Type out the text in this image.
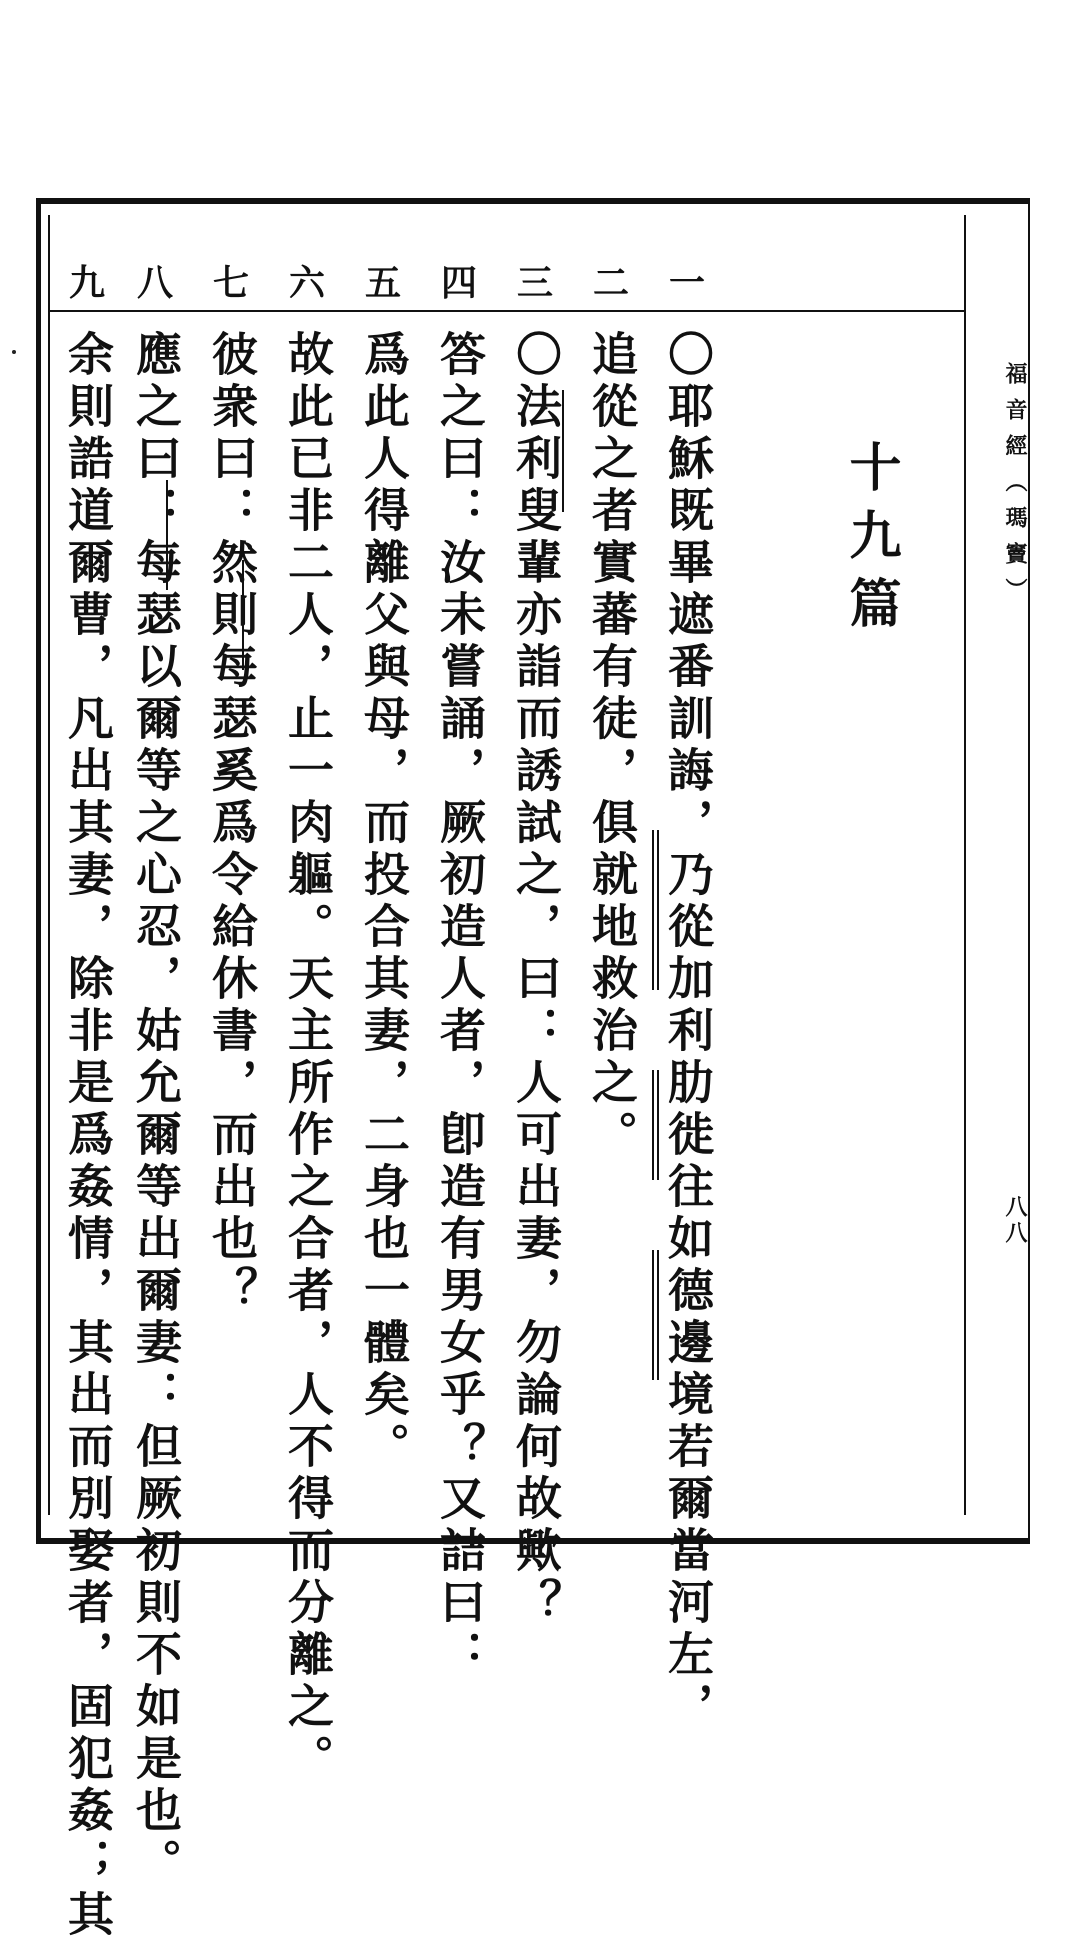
福音經（瑪竇）
八八
十九篇
一
二
三
四
五
六
七
八
九
〇耶穌既畢遮番訓誨，乃從加利肋徙往如德邊境若爾當河左，
追從之者實蕃有徒，俱就地救治之。
〇法利叟輩亦詣而誘試之，曰：人可出妻，勿論何故歟？
答之曰：汝未嘗誦，厥初造人者，卽造有男女乎？又詰曰：
爲此人得離父與母，而投合其妻，二身也一體矣。
故此已非二人，止一肉軀。天主所作之合者，人不得而分離之。
彼衆曰：然則每瑟奚爲令給休書，而出也？
應之曰：每瑟以爾等之心忍，姑允爾等出爾妻：但厥初則不如是也。
余則誥道爾曹，凡出其妻，除非是爲姦情，其出而別娶者，固犯姦；其
